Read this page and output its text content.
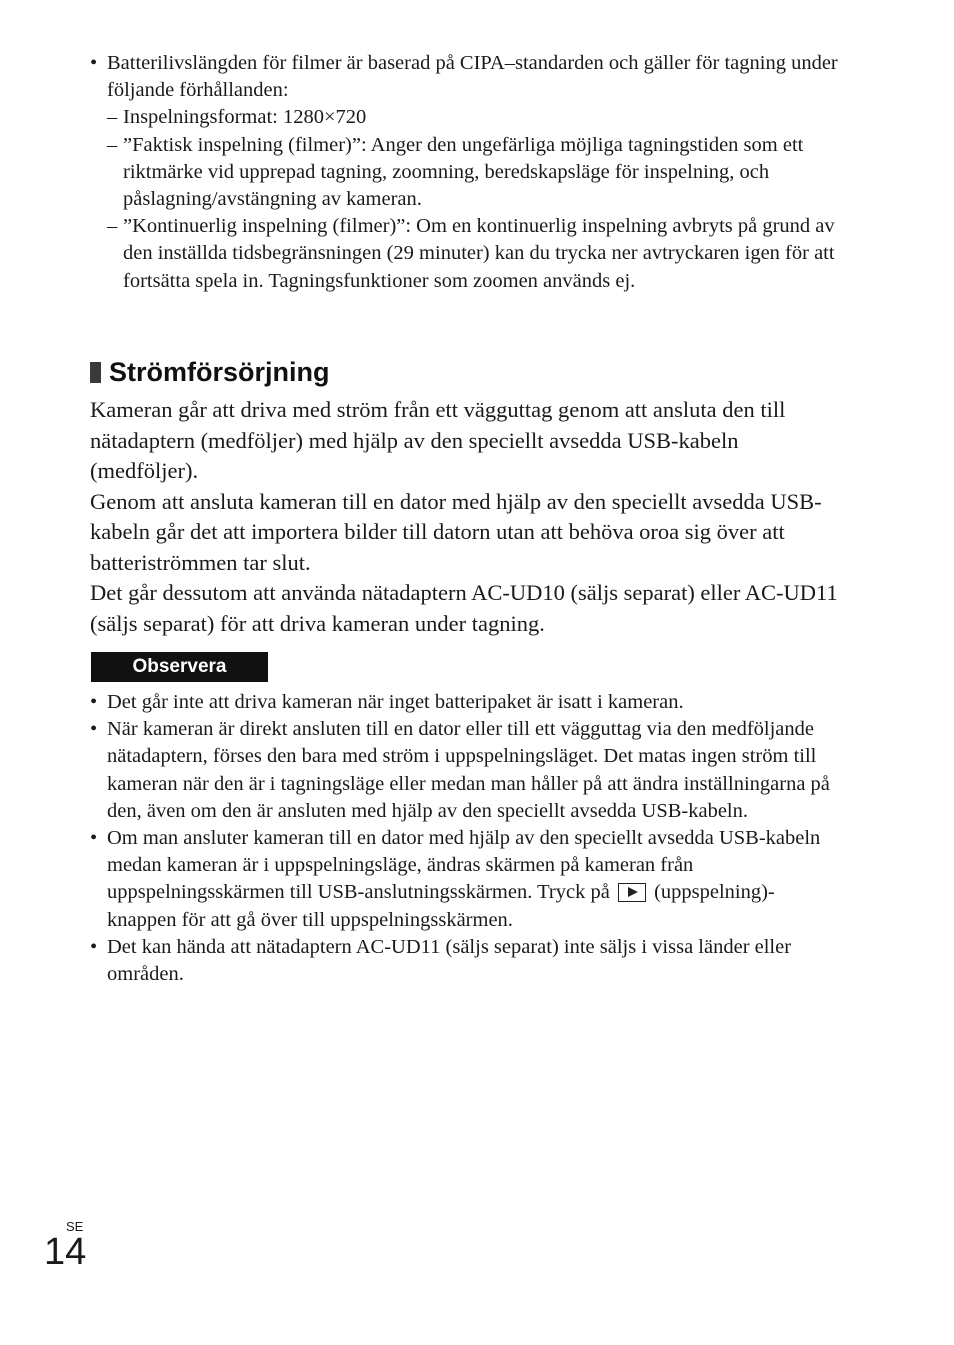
• Batterilivslängden för filmer är baserad på CIPA–standarden och gäller för tagning under följande förhållanden:
– Inspelningsformat: 1280×720
– ”Faktisk inspelning (filmer)”: Anger den ungefärliga möjliga tagningstiden som ett riktmärke vid upprepad tagning, zoomning, beredskapsläge för inspelning, och påslagning/avstängning av kameran.
– ”Kontinuerlig inspelning (filmer)”: Om en kontinuerlig inspelning avbryts på grund av den inställda tidsbegränsningen (29 minuter) kan du trycka ner avtryckaren igen för att fortsätta spela in. Tagningsfunktioner som zoomen används ej.
Strömförsörjning

Kameran går att driva med ström från ett vägguttag genom att ansluta den till nätadaptern (medföljer) med hjälp av den speciellt avsedda USB-kabeln (medföljer).

Genom att ansluta kameran till en dator med hjälp av den speciellt avsedda USB-kabeln går det att importera bilder till datorn utan att behöva oroa sig över att batteriströmmen tar slut.

Det går dessutom att använda nätadaptern AC-UD10 (säljs separat) eller AC-UD11 (säljs separat) för att driva kameran under tagning.

Observera
• Det går inte att driva kameran när inget batteripaket är isatt i kameran.
• När kameran är direkt ansluten till en dator eller till ett vägguttag via den medföljande nätadaptern, förses den bara med ström i uppspelningsläget. Det matas ingen ström till kameran när den är i tagningsläge eller medan man håller på att ändra inställningarna på den, även om den är ansluten med hjälp av den speciellt avsedda USB-kabeln.
• Om man ansluter kameran till en dator med hjälp av den speciellt avsedda USB-kabeln medan kameran är i uppspelningsläge, ändras skärmen på kameran från uppspelningsskärmen till USB-anslutningsskärmen. Tryck på (uppspelning)-knappen för att gå över till uppspelningsskärmen.
• Det kan hända att nätadaptern AC-UD11 (säljs separat) inte säljs i vissa länder eller områden.
SE
14
